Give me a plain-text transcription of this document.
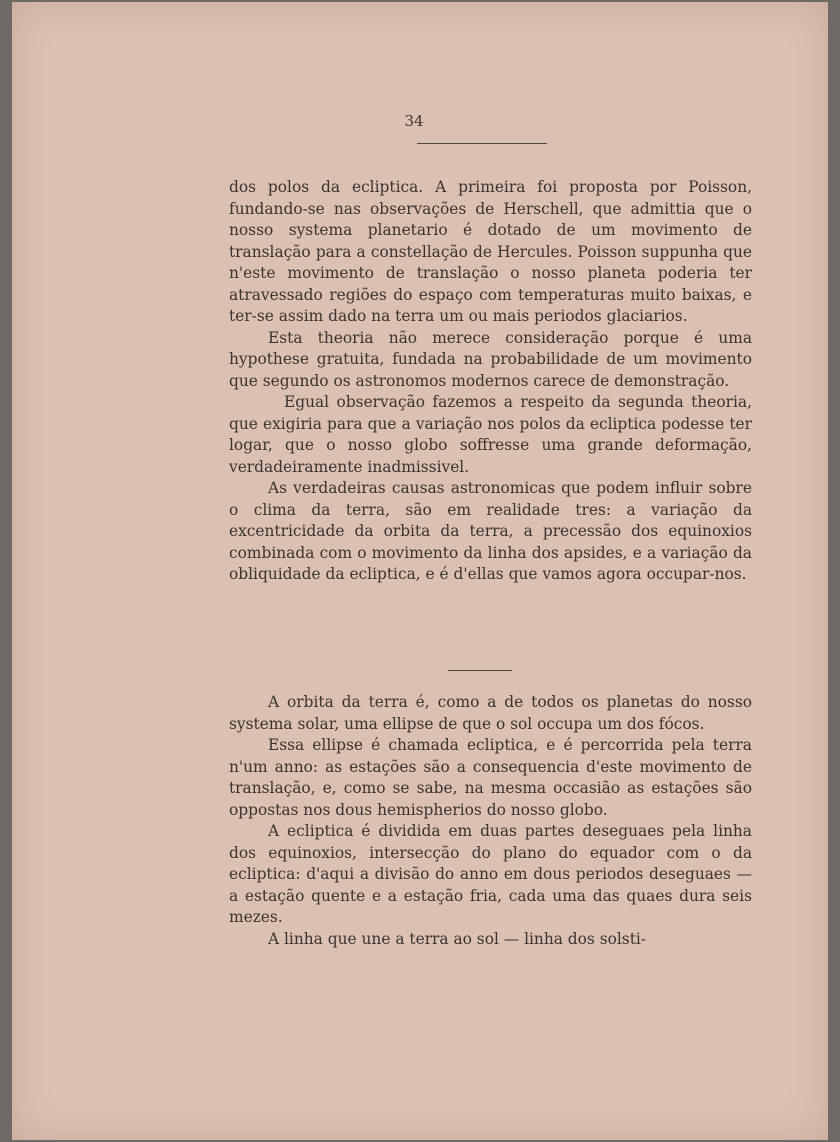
34

dos polos da ecliptica. A primeira foi proposta por Poisson, fundando-se nas observações de Herschell, que admittia que o nosso systema planetario é dotado de um movimento de translação para a constellação de Hercules. Poisson suppunha que n'este movimento de translação o nosso planeta poderia ter atravessado regiões do espaço com temperaturas muito baixas, e ter-se assim dado na terra um ou mais periodos glaciarios.

Esta theoria não merece consideração porque é uma hypothese gratuita, fundada na probabilidade de um movimento que segundo os astronomos modernos carece de demonstração.

Egual observação fazemos a respeito da segunda theoria, que exigiria para que a variação nos polos da ecliptica podesse ter logar, que o nosso globo soffresse uma grande deformação, verdadeiramente inadmissivel.

As verdadeiras causas astronomicas que podem influir sobre o clima da terra, são em realidade tres: a variação da excentricidade da orbita da terra, a precessão dos equinoxios combinada com o movimento da linha dos apsides, e a variação da obliquidade da ecliptica, e é d'ellas que vamos agora occupar-nos.

A orbita da terra é, como a de todos os planetas do nosso systema solar, uma ellipse de que o sol occupa um dos fócos.

Essa ellipse é chamada ecliptica, e é percorrida pela terra n'um anno: as estações são a consequencia d'este movimento de translação, e, como se sabe, na mesma occasião as estações são oppostas nos dous hemispherios do nosso globo.

A ecliptica é dividida em duas partes deseguaes pela linha dos equinoxios, intersecção do plano do equador com o da ecliptica: d'aqui a divisão do anno em dous periodos deseguaes — a estação quente e a estação fria, cada uma das quaes dura seis mezes.

A linha que une a terra ao sol — linha dos solsti-
